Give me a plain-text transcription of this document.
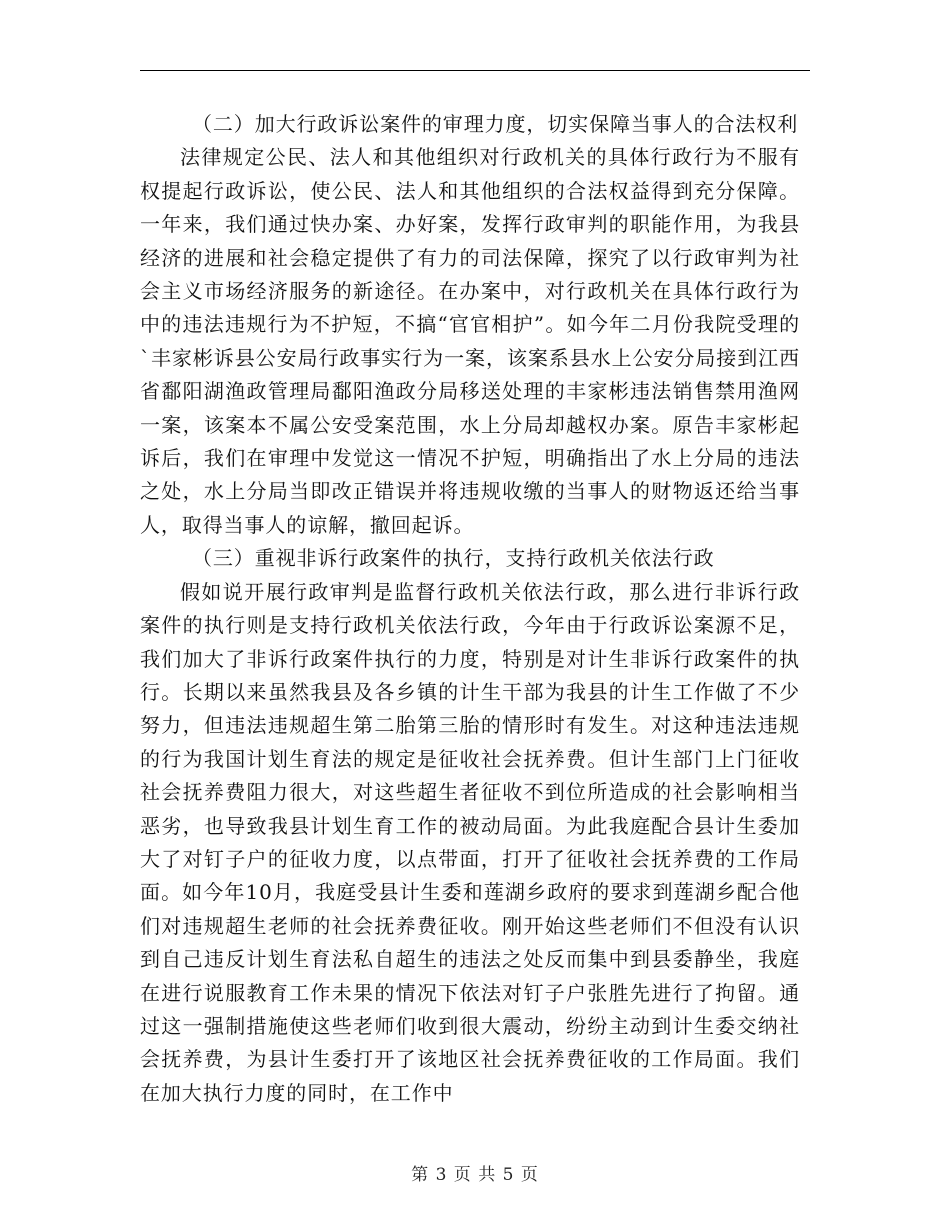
（二）加大行政诉讼案件的审理力度，切实保障当事人的合法权利

法律规定公民、法人和其他组织对行政机关的具体行政行为不服有权提起行政诉讼，使公民、法人和其他组织的合法权益得到充分保障。一年来，我们通过快办案、办好案，发挥行政审判的职能作用，为我县经济的进展和社会稳定提供了有力的司法保障，探究了以行政审判为社会主义市场经济服务的新途径。在办案中，对行政机关在具体行政行为中的违法违规行为不护短，不搞“官官相护”。如今年二月份我院受理的`丰家彬诉县公安局行政事实行为一案，该案系县水上公安分局接到江西省鄱阳湖渔政管理局鄱阳渔政分局移送处理的丰家彬违法销售禁用渔网一案，该案本不属公安受案范围，水上分局却越权办案。原告丰家彬起诉后，我们在审理中发觉这一情况不护短，明确指出了水上分局的违法之处，水上分局当即改正错误并将违规收缴的当事人的财物返还给当事人，取得当事人的谅解，撤回起诉。

（三）重视非诉行政案件的执行，支持行政机关依法行政

假如说开展行政审判是监督行政机关依法行政，那么进行非诉行政案件的执行则是支持行政机关依法行政，今年由于行政诉讼案源不足，我们加大了非诉行政案件执行的力度，特别是对计生非诉行政案件的执行。长期以来虽然我县及各乡镇的计生干部为我县的计生工作做了不少努力，但违法违规超生第二胎第三胎的情形时有发生。对这种违法违规的行为我国计划生育法的规定是征收社会抚养费。但计生部门上门征收社会抚养费阻力很大，对这些超生者征收不到位所造成的社会影响相当恶劣，也导致我县计划生育工作的被动局面。为此我庭配合县计生委加大了对钉子户的征收力度，以点带面，打开了征收社会抚养费的工作局面。如今年10月，我庭受县计生委和莲湖乡政府的要求到莲湖乡配合他们对违规超生老师的社会抚养费征收。刚开始这些老师们不但没有认识到自己违反计划生育法私自超生的违法之处反而集中到县委静坐，我庭在进行说服教育工作未果的情况下依法对钉子户张胜先进行了拘留。通过这一强制措施使这些老师们收到很大震动，纷纷主动到计生委交纳社会抚养费，为县计生委打开了该地区社会抚养费征收的工作局面。我们在加大执行力度的同时，在工作中

第 3 页 共 5 页
